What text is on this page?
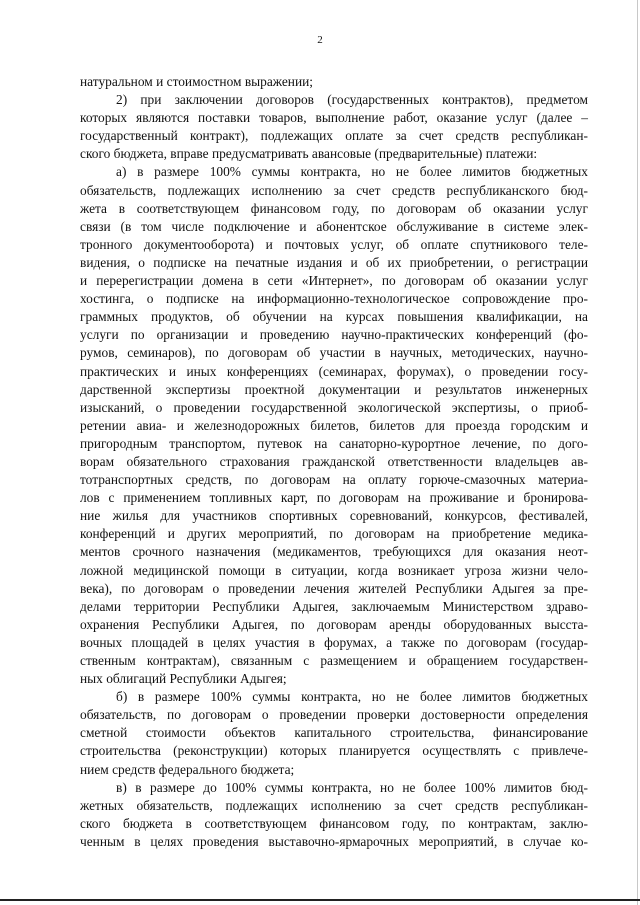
2
натуральном и стоимостном выражении;
2) при заключении договоров (государственных контрактов), предметом
которых являются поставки товаров, выполнение работ, оказание услуг (далее –
государственный контракт), подлежащих оплате за счет средств республикан-
ского бюджета, вправе предусматривать авансовые (предварительные) платежи:
а) в размере 100% суммы контракта, но не более лимитов бюджетных
обязательств, подлежащих исполнению за счет средств республиканского бюд-
жета в соответствующем финансовом году, по договорам об оказании услуг
связи (в том числе подключение и абонентское обслуживание в системе элек-
тронного документооборота) и почтовых услуг, об оплате спутникового теле-
видения, о подписке на печатные издания и об их приобретении, о регистрации
и перерегистрации домена в сети «Интернет», по договорам об оказании услуг
хостинга, о подписке на информационно-технологическое сопровождение про-
граммных продуктов, об обучении на курсах повышения квалификации, на
услуги по организации и проведению научно-практических конференций (фо-
румов, семинаров), по договорам об участии в научных, методических, научно-
практических и иных конференциях (семинарах, форумах), о проведении госу-
дарственной экспертизы проектной документации и результатов инженерных
изысканий, о проведении государственной экологической экспертизы, о приоб-
ретении авиа- и железнодорожных билетов, билетов для проезда городским и
пригородным транспортом, путевок на санаторно-курортное лечение, по дого-
ворам обязательного страхования гражданской ответственности владельцев ав-
тотранспортных средств, по договорам на оплату горюче-смазочных материа-
лов с применением топливных карт, по договорам на проживание и бронирова-
ние жилья для участников спортивных соревнований, конкурсов, фестивалей,
конференций и других мероприятий, по договорам на приобретение медика-
ментов срочного назначения (медикаментов, требующихся для оказания неот-
ложной медицинской помощи в ситуации, когда возникает угроза жизни чело-
века), по договорам о проведении лечения жителей Республики Адыгея за пре-
делами территории Республики Адыгея, заключаемым Министерством здраво-
охранения Республики Адыгея, по договорам аренды оборудованных высста-
вочных площадей в целях участия в форумах, а также по договорам (государ-
ственным контрактам), связанным с размещением и обращением государствен-
ных облигаций Республики Адыгея;
б) в размере 100% суммы контракта, но не более лимитов бюджетных
обязательств, по договорам о проведении проверки достоверности определения
сметной стоимости объектов капитального строительства, финансирование
строительства (реконструкции) которых планируется осуществлять с привлече-
нием средств федерального бюджета;
в) в размере до 100% суммы контракта, но не более 100% лимитов бюд-
жетных обязательств, подлежащих исполнению за счет средств республикан-
ского бюджета в соответствующем финансовом году, по контрактам, заклю-
ченным в целях проведения выставочно-ярмарочных мероприятий, в случае ко-
